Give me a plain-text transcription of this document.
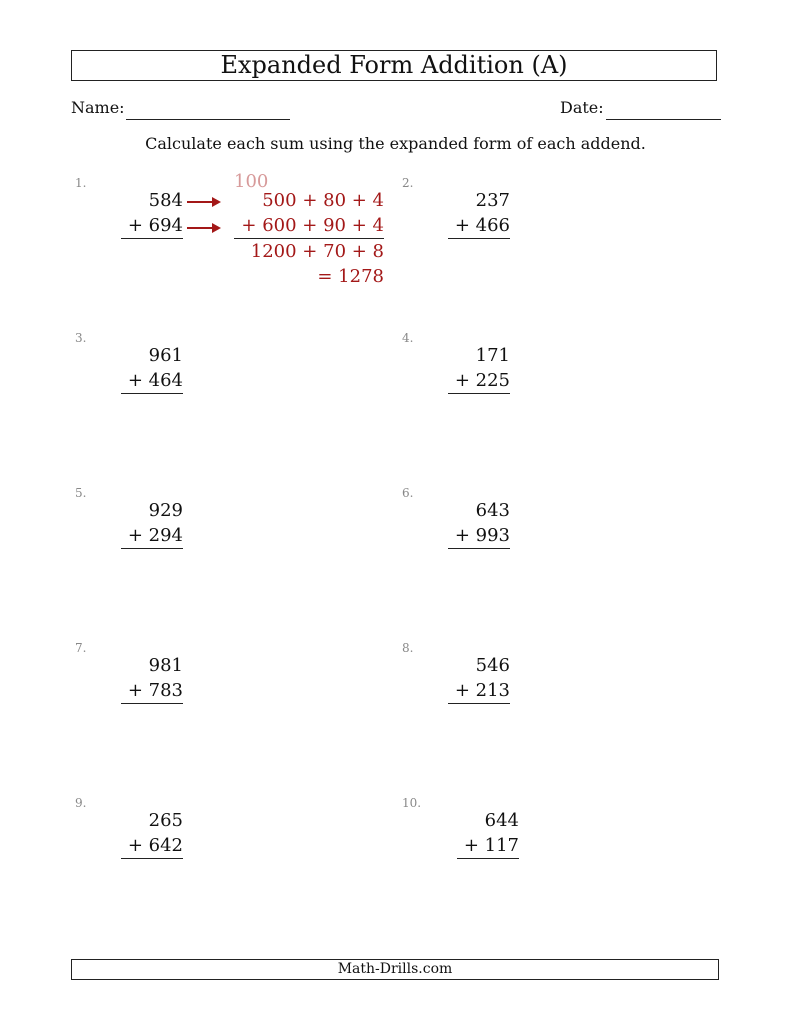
Expanded Form Addition (A)
Name:	Date:
Calculate each sum using the expanded form of each addend.
1.
584
+ 694
100
500 + 80 + 4
+ 600 + 90 + 4
1200 + 70 + 8
= 1278
2.
237
+ 466
3.
961
+ 464
4.
171
+ 225
5.
929
+ 294
6.
643
+ 993
7.
981
+ 783
8.
546
+ 213
9.
265
+ 642
10.
644
+ 117
Math-Drills.com
